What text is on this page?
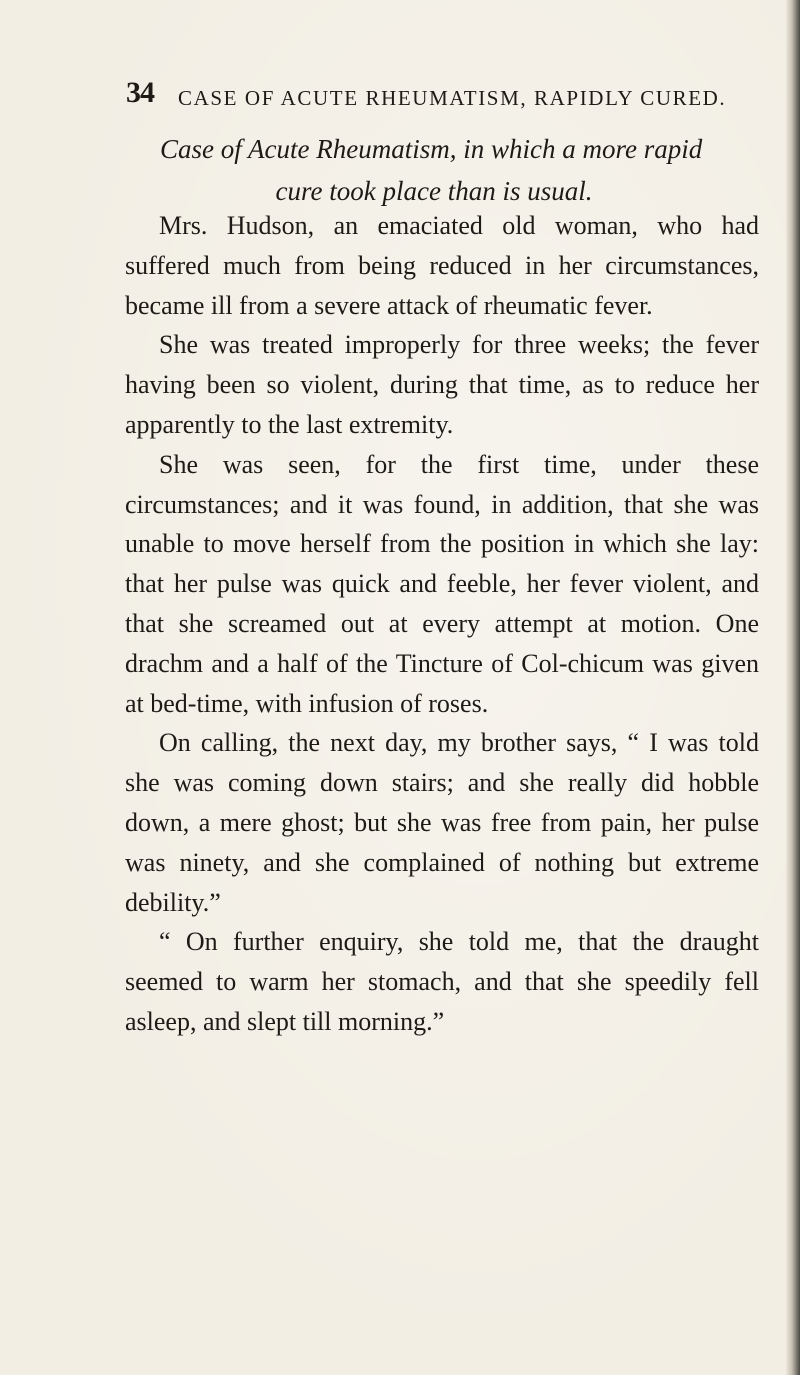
34 CASE OF ACUTE RHEUMATISM, RAPIDLY CURED.
Case of Acute Rheumatism, in which a more rapid
cure took place than is usual.

Mrs. Hudson, an emaciated old woman, who had suffered much from being reduced in her circumstances, became ill from a severe attack of rheumatic fever.

She was treated improperly for three weeks; the fever having been so violent, during that time, as to reduce her apparently to the last extremity.

She was seen, for the first time, under these circumstances; and it was found, in addition, that she was unable to move herself from the position in which she lay: that her pulse was quick and feeble, her fever violent, and that she screamed out at every attempt at motion. One drachm and a half of the Tincture of Col-chicum was given at bed-time, with infusion of roses.

On calling, the next day, my brother says, “ I was told she was coming down stairs; and she really did hobble down, a mere ghost; but she was free from pain, her pulse was ninety, and she complained of nothing but extreme debility.”

“ On further enquiry, she told me, that the draught seemed to warm her stomach, and that she speedily fell asleep, and slept till morning.”
